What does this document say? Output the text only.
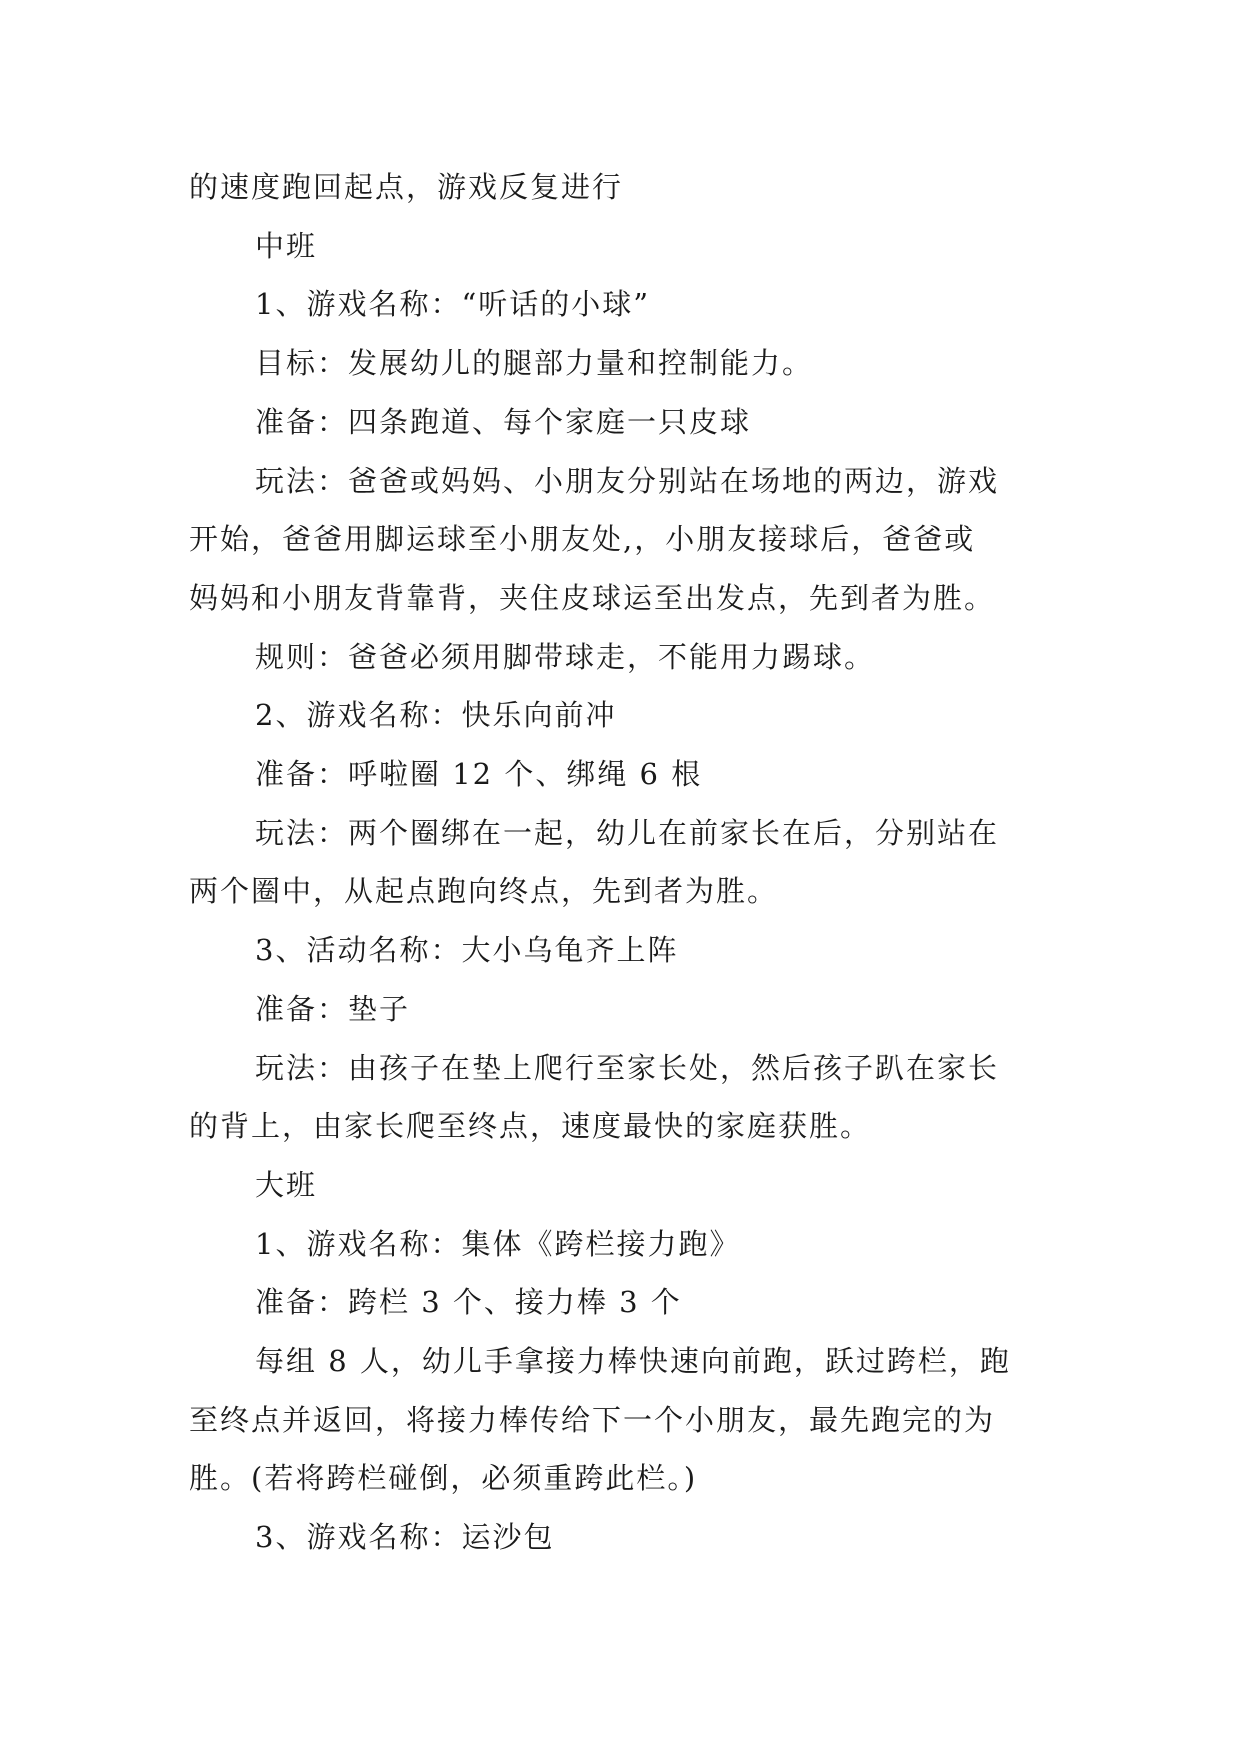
的速度跑回起点，游戏反复进行

中班

1、游戏名称：“听话的小球”

目标：发展幼儿的腿部力量和控制能力。

准备：四条跑道、每个家庭一只皮球

玩法：爸爸或妈妈、小朋友分别站在场地的两边，游戏
开始，爸爸用脚运球至小朋友处,，小朋友接球后，爸爸或
妈妈和小朋友背靠背，夹住皮球运至出发点，先到者为胜。

规则：爸爸必须用脚带球走，不能用力踢球。

2、游戏名称：快乐向前冲

准备：呼啦圈 12 个、绑绳 6 根

玩法：两个圈绑在一起，幼儿在前家长在后，分别站在
两个圈中，从起点跑向终点，先到者为胜。

3、活动名称：大小乌龟齐上阵

准备：垫子

玩法：由孩子在垫上爬行至家长处，然后孩子趴在家长
的背上，由家长爬至终点，速度最快的家庭获胜。

大班

1、游戏名称：集体《跨栏接力跑》

准备：跨栏 3 个、接力棒 3 个

每组 8 人，幼儿手拿接力棒快速向前跑，跃过跨栏，跑
至终点并返回，将接力棒传给下一个小朋友，最先跑完的为
胜。(若将跨栏碰倒，必须重跨此栏。)

3、游戏名称：运沙包
